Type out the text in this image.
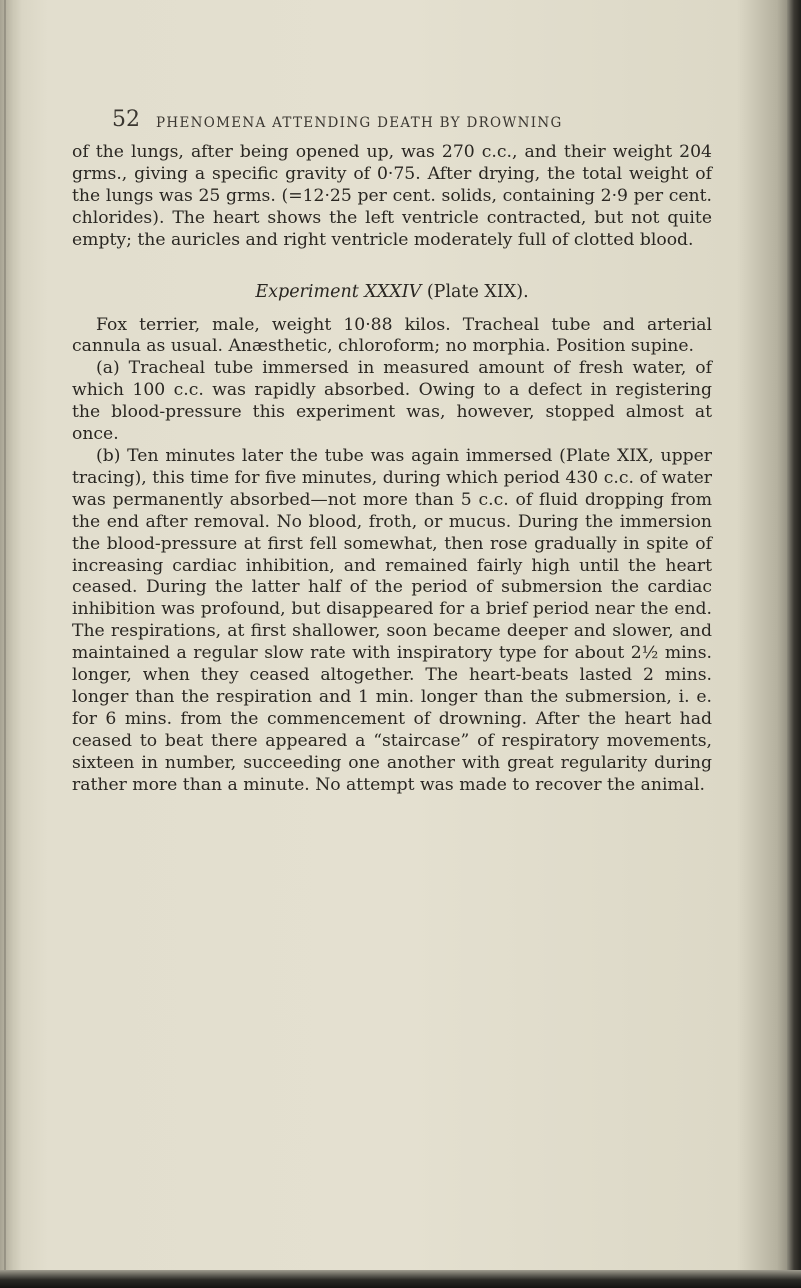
52 PHENOMENA ATTENDING DEATH BY DROWNING

of the lungs, after being opened up, was 270 c.c., and their weight 204 grms., giving a specific gravity of 0·75. After drying, the total weight of the lungs was 25 grms. (=12·25 per cent. solids, containing 2·9 per cent. chlorides). The heart shows the left ventricle contracted, but not quite empty; the auricles and right ventricle moderately full of clotted blood.

Experiment XXXIV (Plate XIX).

Fox terrier, male, weight 10·88 kilos. Tracheal tube and arterial cannula as usual. Anæsthetic, chloroform; no morphia. Position supine.

(a) Tracheal tube immersed in measured amount of fresh water, of which 100 c.c. was rapidly absorbed. Owing to a defect in registering the blood-pressure this experiment was, however, stopped almost at once.

(b) Ten minutes later the tube was again immersed (Plate XIX, upper tracing), this time for five minutes, during which period 430 c.c. of water was permanently absorbed—not more than 5 c.c. of fluid dropping from the end after removal. No blood, froth, or mucus. During the immersion the blood-pressure at first fell somewhat, then rose gradually in spite of increasing cardiac inhibition, and remained fairly high until the heart ceased. During the latter half of the period of submersion the cardiac inhibition was profound, but disappeared for a brief period near the end. The respirations, at first shallower, soon became deeper and slower, and maintained a regular slow rate with inspiratory type for about 2½ mins. longer, when they ceased altogether. The heart-beats lasted 2 mins. longer than the respiration and 1 min. longer than the submersion, i. e. for 6 mins. from the commencement of drowning. After the heart had ceased to beat there appeared a “staircase” of respiratory movements, sixteen in number, succeeding one another with great regularity during rather more than a minute. No attempt was made to recover the animal.
